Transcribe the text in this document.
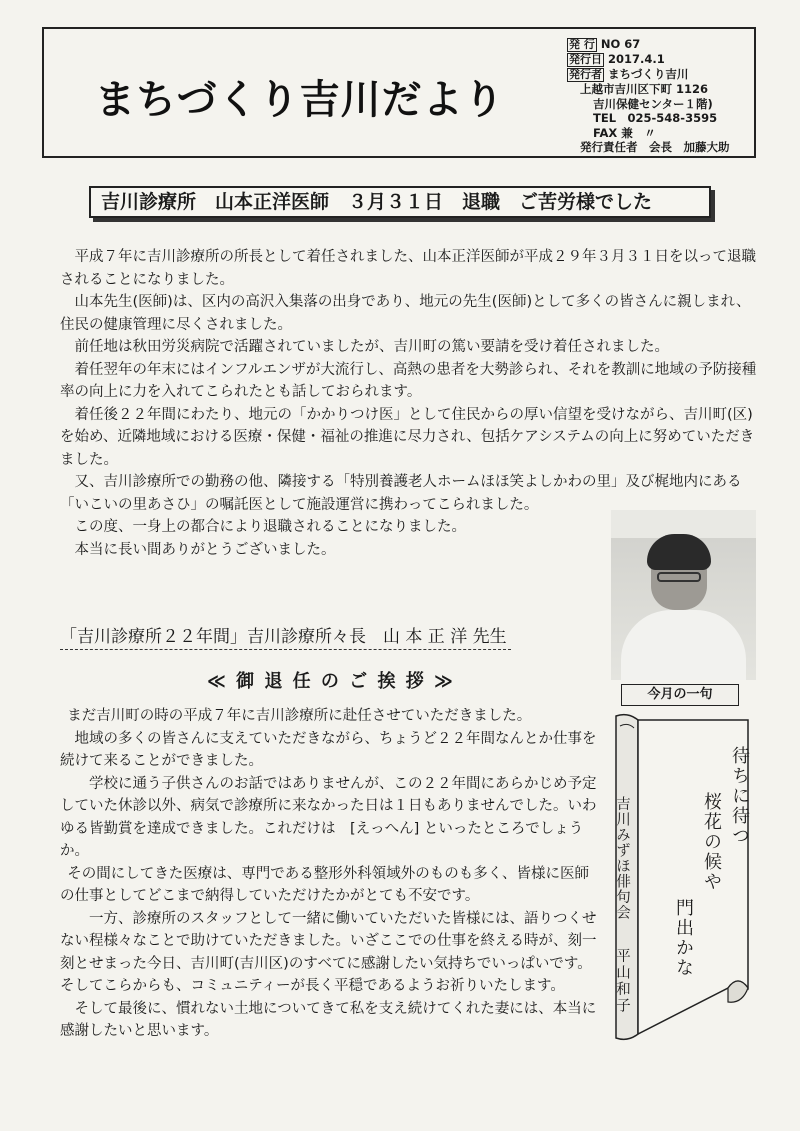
まちづくり吉川だより
発 行 NO 67
発行日 2017.4.1
発行者 まちづくり吉川
上越市吉川区下町 1126
吉川保健センター１階)
TEL　025-548-3595
FAX 兼　〃
発行責任者　会長　加藤大助
吉川診療所　山本正洋医師　３月３１日　退職　ご苦労様でした

平成７年に吉川診療所の所長として着任されました、山本正洋医師が平成２９年３月３１日を以って退職されることになりました。

山本先生(医師)は、区内の高沢入集落の出身であり、地元の先生(医師)として多くの皆さんに親しまれ、住民の健康管理に尽くされました。

前任地は秋田労災病院で活躍されていましたが、吉川町の篤い要請を受け着任されました。

着任翌年の年末にはインフルエンザが大流行し、高熱の患者を大勢診られ、それを教訓に地域の予防接種率の向上に力を入れてこられたとも話しておられます。

着任後２２年間にわたり、地元の「かかりつけ医」として住民からの厚い信望を受けながら、吉川町(区)を始め、近隣地域における医療・保健・福祉の推進に尽力され、包括ケアシステムの向上に努めていただきました。

又、吉川診療所での勤務の他、隣接する「特別養護老人ホームほほ笑よしかわの里」及び梶地内にある「いこいの里あさひ」の嘱託医として施設運営に携わってこられました。

この度、一身上の都合により退職されることになりました。

本当に長い間ありがとうございました。

「吉川診療所２２年間」吉川診療所々長　山 本 正 洋 先生
≪ 御 退 任 の ご 挨 拶 ≫

まだ吉川町の時の平成７年に吉川診療所に赴任させていただきました。

地域の多くの皆さんに支えていただきながら、ちょうど２２年間なんとか仕事を続けて来ることができました。

学校に通う子供さんのお話ではありませんが、この２２年間にあらかじめ予定していた休診以外、病気で診療所に来なかった日は１日もありませんでした。いわゆる皆勤賞を達成できました。これだけは　[えっへん] といったところでしょうか。

その間にしてきた医療は、専門である整形外科領域外のものも多く、皆様に医師の仕事としてどこまで納得していただけたかがとても不安です。

一方、診療所のスタッフとして一緒に働いていただいた皆様には、語りつくせない程様々なことで助けていただきました。いざここでの仕事を終える時が、刻一刻とせまった今日、吉川町(吉川区)のすべてに感謝したい気持ちでいっぱいです。そしてこらからも、コミュニティーが長く平穏であるようお祈りいたします。

そして最後に、慣れない土地についてきて私を支え続けてくれた妻には、本当に感謝したいと思います。

今月の一句
待ちに待つ
桜花の候や
門出かな
吉川みずほ俳句会
平山和子
